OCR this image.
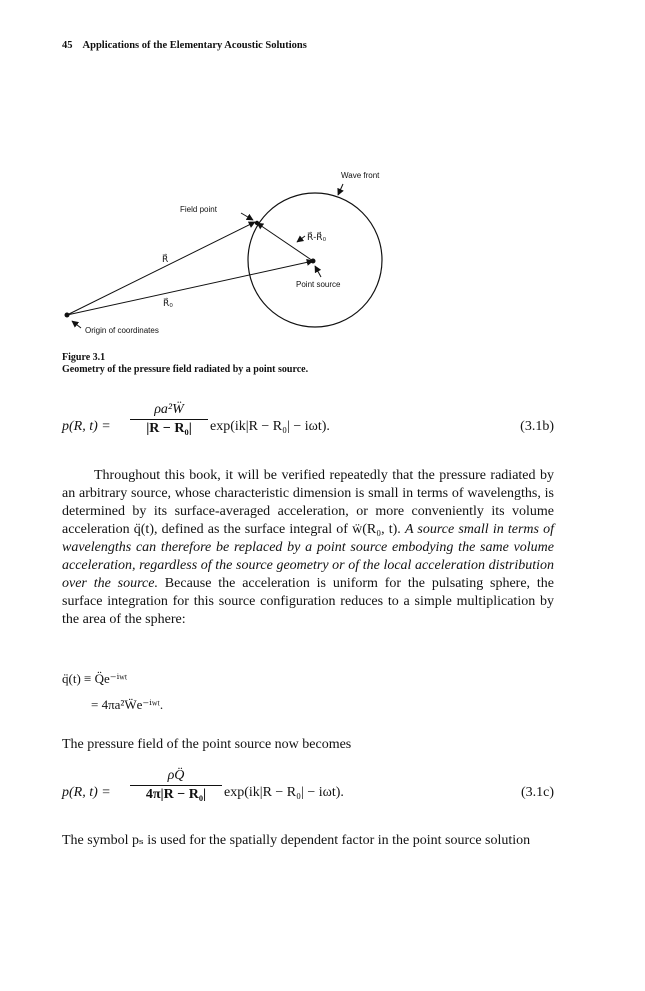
45 Applications of the Elementary Acoustic Solutions
Wave front
Field point
R⃗
R⃗-R⃗₀
R⃗₀
Point source
Origin of coordinates
Figure 3.1
Geometry of the pressure field radiated by a point source.
p(R, t) =
ρa²Ẅ
|R − R₀|	exp(ik|R − R₀| − iωt).	(3.1b)
Throughout this book, it will be verified repeatedly that the pressure radiated by an arbitrary source, whose characteristic dimension is small in terms of wavelengths, is determined by its surface-averaged acceleration, or more conveniently its volume acceleration q̈(t), defined as the surface integral of ẅ(R₀, t). A source small in terms of wavelengths can therefore be replaced by a point source embodying the same volume acceleration, regardless of the source geometry or of the local acceleration distribution over the source. Because the acceleration is uniform for the pulsating sphere, the surface integration for this source configuration reduces to a simple multiplication by the area of the sphere:
q̈(t) ≡ Q̈e⁻ⁱʷᵗ
= 4πa²Ẅe⁻ⁱʷᵗ.
The pressure field of the point source now becomes
p(R, t) =
ρQ̈
4π|R − R₀|	exp(ik|R − R₀| − iωt).	(3.1c)
The symbol pₛ is used for the spatially dependent factor in the point source solution
